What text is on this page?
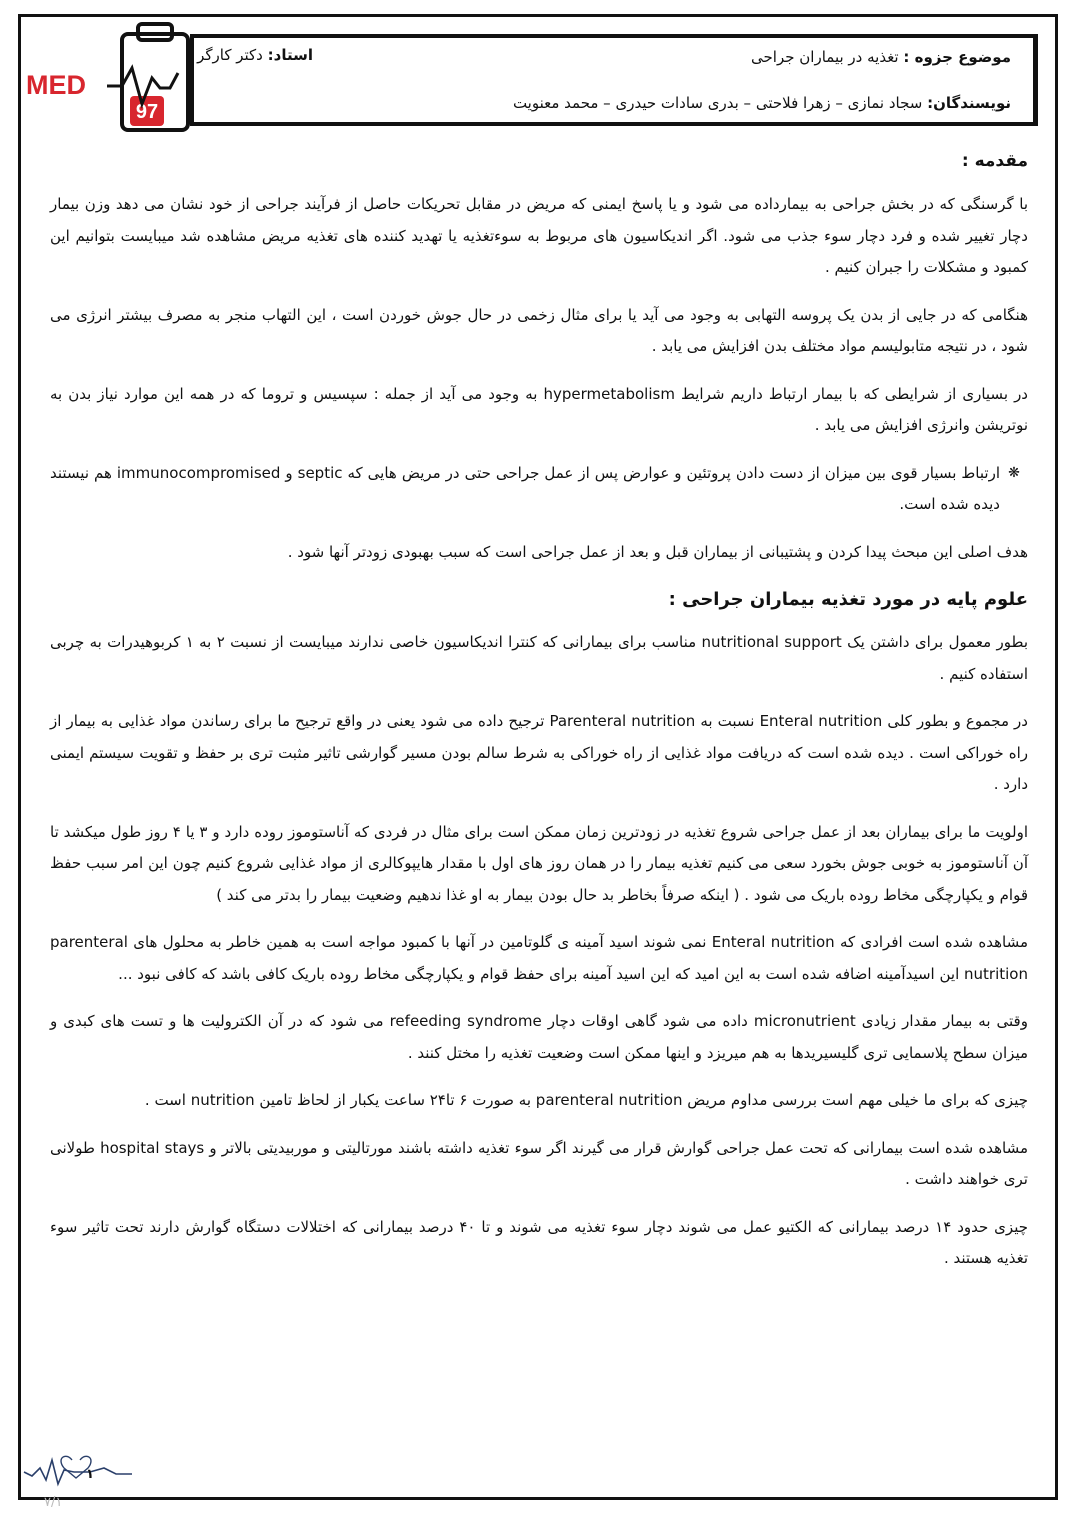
97
MED
موضوع جزوه : تغذیه در بیماران جراحی
استاد: دکتر کارگر
نویسندگان: سجاد نمازی – زهرا فلاحتی – بدری سادات حیدری – محمد معنویت
مقدمه :

با گرسنگی که در بخش جراحی به بیمارداده می شود و یا پاسخ ایمنی که مریض در مقابل تحریکات حاصل از فرآیند جراحی از خود نشان می دهد وزن بیمار دچار تغییر شده و فرد دچار سوء جذب می شود. اگر اندیکاسیون های مربوط به سوءتغذیه یا تهدید کننده های تغذیه مریض مشاهده شد میبایست بتوانیم این کمبود و مشکلات را جبران کنیم .

هنگامی که در جایی از بدن یک پروسه التهابی به وجود می آید یا برای مثال زخمی در حال جوش خوردن است ، این التهاب منجر به مصرف بیشتر انرژی می شود ، در نتیجه متابولیسم مواد مختلف بدن افزایش می یابد .

در بسیاری از شرایطی که با بیمار ارتباط داریم شرایط hypermetabolism به وجود می آید از جمله : سپسیس و تروما که در همه این موارد نیاز بدن به نوتریشن وانرژی افزایش می یابد .

❋
ارتباط بسیار قوی بین میزان از دست دادن پروتئین و عوارض پس از عمل جراحی حتی در مریض هایی که septic و immunocompromised هم نیستند دیده شده است.

هدف اصلی این مبحث پیدا کردن و پشتیبانی از بیماران قبل و بعد از عمل جراحی است که سبب بهبودی زودتر آنها شود .

علوم پایه در مورد تغذیه بیماران جراحی :

بطور معمول برای داشتن یک nutritional support مناسب برای بیمارانی که کنترا اندیکاسیون خاصی ندارند میبایست از نسبت ۲ به ۱ کربوهیدرات به چربی استفاده کنیم .

در مجموع و بطور کلی Enteral nutrition نسبت به Parenteral nutrition ترجیح داده می شود یعنی در واقع ترجیح ما برای رساندن مواد غذایی به بیمار از راه خوراکی است . دیده شده است که دریافت مواد غذایی از راه خوراکی به شرط سالم بودن مسیر گوارشی تاثیر مثبت تری بر حفظ و تقویت سیستم ایمنی دارد .

اولویت ما برای بیماران بعد از عمل جراحی شروع تغذیه در زودترین زمان ممکن است برای مثال در فردی که آناستوموز روده دارد و ۳ یا ۴ روز طول میکشد تا آن آناستوموز به خوبی جوش بخورد سعی می کنیم تغذیه بیمار را در همان روز های اول با مقدار هایپوکالری از مواد غذایی شروع کنیم چون این امر سبب حفظ قوام و یکپارچگی مخاط روده باریک می شود . ( اینکه صرفاً بخاطر بد حال بودن بیمار به او غذا ندهیم وضعیت بیمار را بدتر می کند )

مشاهده شده است افرادی که Enteral nutrition نمی شوند اسید آمینه ی گلوتامین در آنها با کمبود مواجه است به همین خاطر به محلول های parenteral nutrition این اسیدآمینه اضافه شده است به این امید که این اسید آمینه برای حفظ قوام و یکپارچگی مخاط روده باریک کافی باشد که کافی نبود ...

وقتی به بیمار مقدار زیادی micronutrient داده می شود گاهی اوقات دچار refeeding syndrome می شود که در آن الکترولیت ها و تست های کبدی و میزان سطح پلاسمایی تری گلیسیریدها به هم میریزد و اینها ممکن است وضعیت تغذیه را مختل کنند .

چیزی که برای ما خیلی مهم است بررسی مداوم مریض parenteral nutrition به صورت ۶ تا۲۴ ساعت یکبار از لحاظ تامین nutrition است .

مشاهده شده است بیمارانی که تحت عمل جراحی گوارش قرار می گیرند اگر سوء تغذیه داشته باشند مورتالیتی و موربیدیتی بالاتر و hospital stays طولانی تری خواهند داشت .

چیزی حدود ۱۴ درصد بیمارانی که الکتیو عمل می شوند دچار سوء تغذیه می شوند و تا ۴۰ درصد بیمارانی که اختلالات دستگاه گوارش دارند تحت تاثیر سوء تغذیه هستند .

۱
۷/۱
